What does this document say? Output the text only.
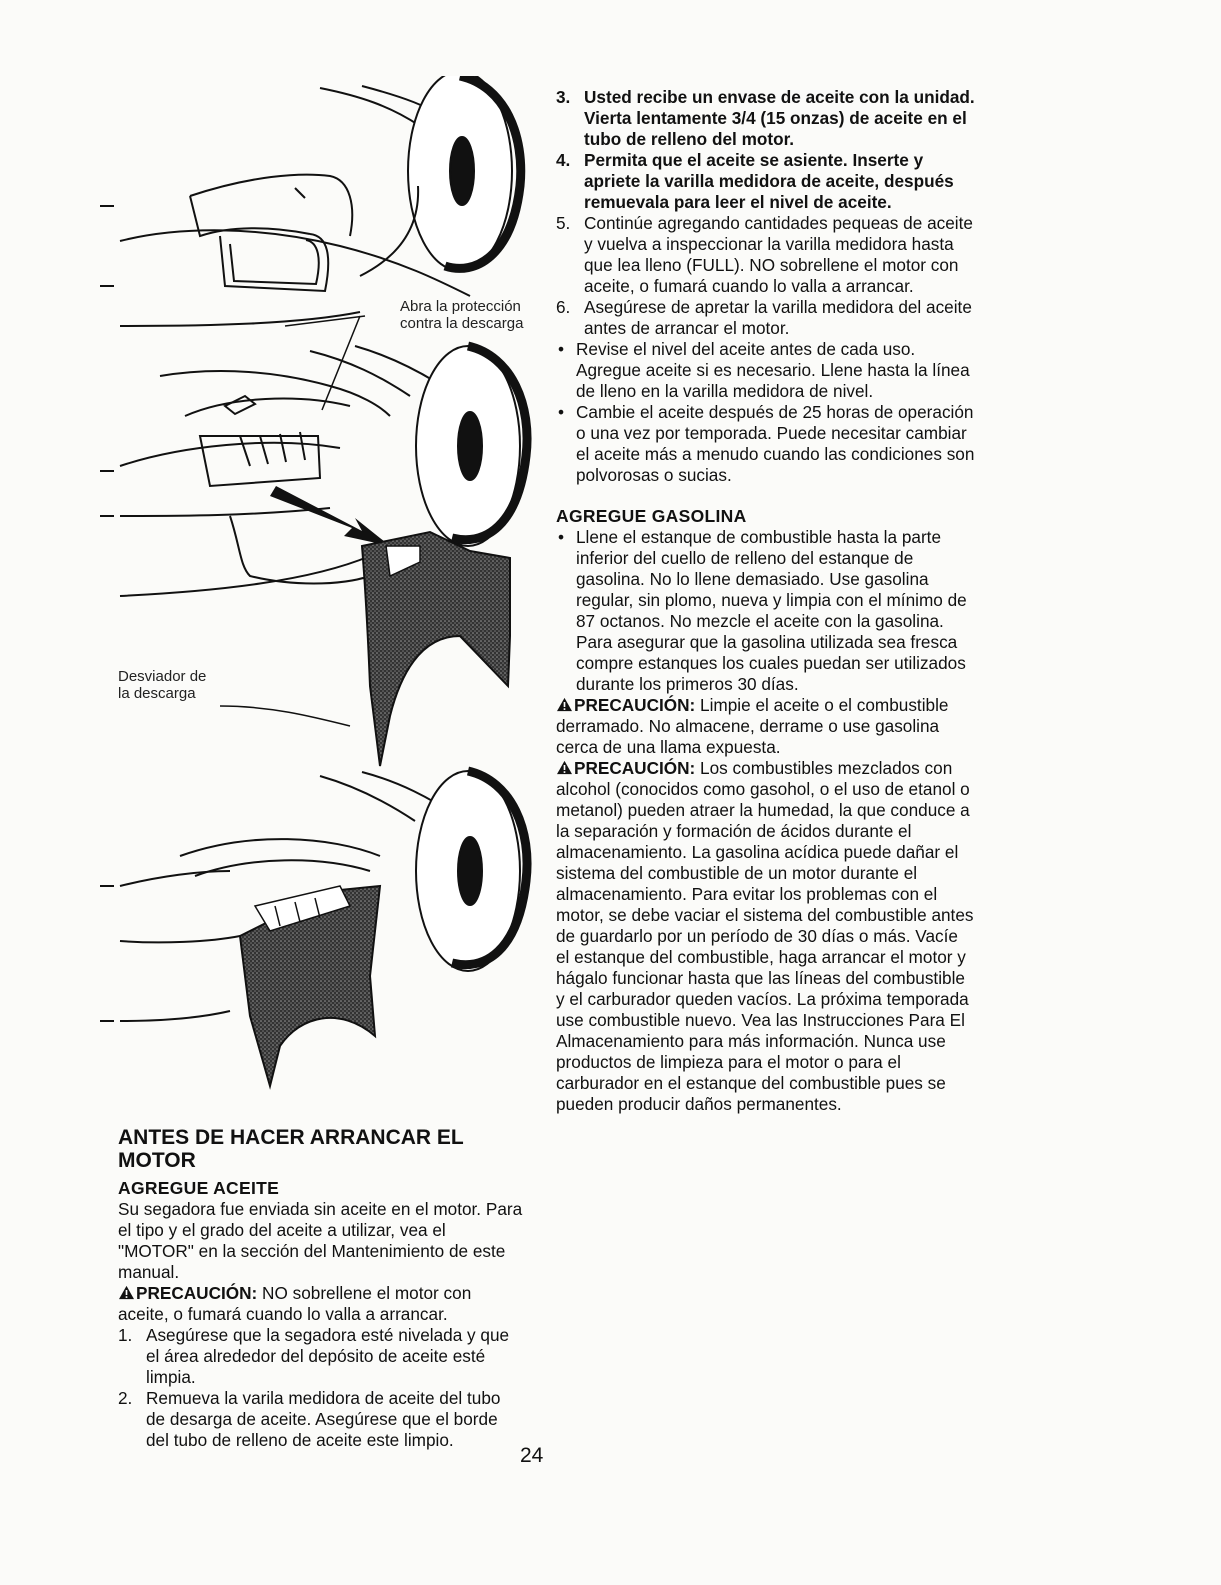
Abra la protección
contra la descarga
Desviador de
la descarga
ANTES DE HACER ARRANCAR EL MOTOR
AGREGUE ACEITE

Su segadora fue enviada sin aceite en el motor. Para el tipo y el grado del aceite a utilizar, vea el "MOTOR" en la sección del Mantenimiento de este manual.

PRECAUCIÓN: NO sobrellene el motor con aceite, o fumará cuando lo valla a arrancar.

1. Asegúrese que la segadora esté nivelada y que el área alrededor del depósito de aceite esté limpia.
2. Remueva la varila medidora de aceite del tubo de desarga de aceite. Asegúrese que el borde del tubo de relleno de aceite este limpio.
3. Usted recibe un envase de aceite con la unidad. Vierta lentamente 3/4 (15 onzas) de aceite en el tubo de relleno del motor.
4. Permita que el aceite se asiente. Inserte y apriete la varilla medidora de aceite, después remuevala para leer el nivel de aceite.
5. Continúe agregando cantidades pequeas de aceite y vuelva a inspeccionar la varilla medidora hasta que lea lleno (FULL). NO sobrellene el motor con aceite, o fumará cuando lo valla a arrancar.
6. Asegúrese de apretar la varilla medidora del aceite antes de arrancar el motor.
• Revise el nivel del aceite antes de cada uso. Agregue aceite si es necesario. Llene hasta la línea de lleno en la varilla medidora de nivel.
• Cambie el aceite después de 25 horas de operación o una vez por temporada. Puede necesitar cambiar el aceite más a menudo cuando las condiciones son polvorosas o sucias.
AGREGUE GASOLINA
• Llene el estanque de combustible hasta la parte inferior del cuello de relleno del estanque de gasolina. No lo llene demasiado. Use gasolina regular, sin plomo, nueva y limpia con el mínimo de 87 octanos. No mezcle el aceite con la gasolina. Para asegurar que la gasolina utilizada sea fresca compre estanques los cuales puedan ser utilizados durante los primeros 30 días.

PRECAUCIÓN: Limpie el aceite o el combustible derramado. No almacene, derrame o use gasolina cerca de una llama expuesta.

PRECAUCIÓN: Los combustibles mezclados con alcohol (conocidos como gasohol, o el uso de etanol o metanol) pueden atraer la humedad, la que conduce a la separación y formación de ácidos durante el almacenamiento. La gasolina acídica puede dañar el sistema del combustible de un motor durante el almacenamiento. Para evitar los problemas con el motor, se debe vaciar el sistema del combustible antes de guardarlo por un período de 30 días o más. Vacíe el estanque del combustible, haga arrancar el motor y hágalo funcionar hasta que las líneas del combustible y el carburador queden vacíos. La próxima temporada use combustible nuevo. Vea las Instrucciones Para El Almacenamiento para más información. Nunca use productos de limpieza para el motor o para el carburador en el estanque del combustible pues se pueden producir daños permanentes.

24
